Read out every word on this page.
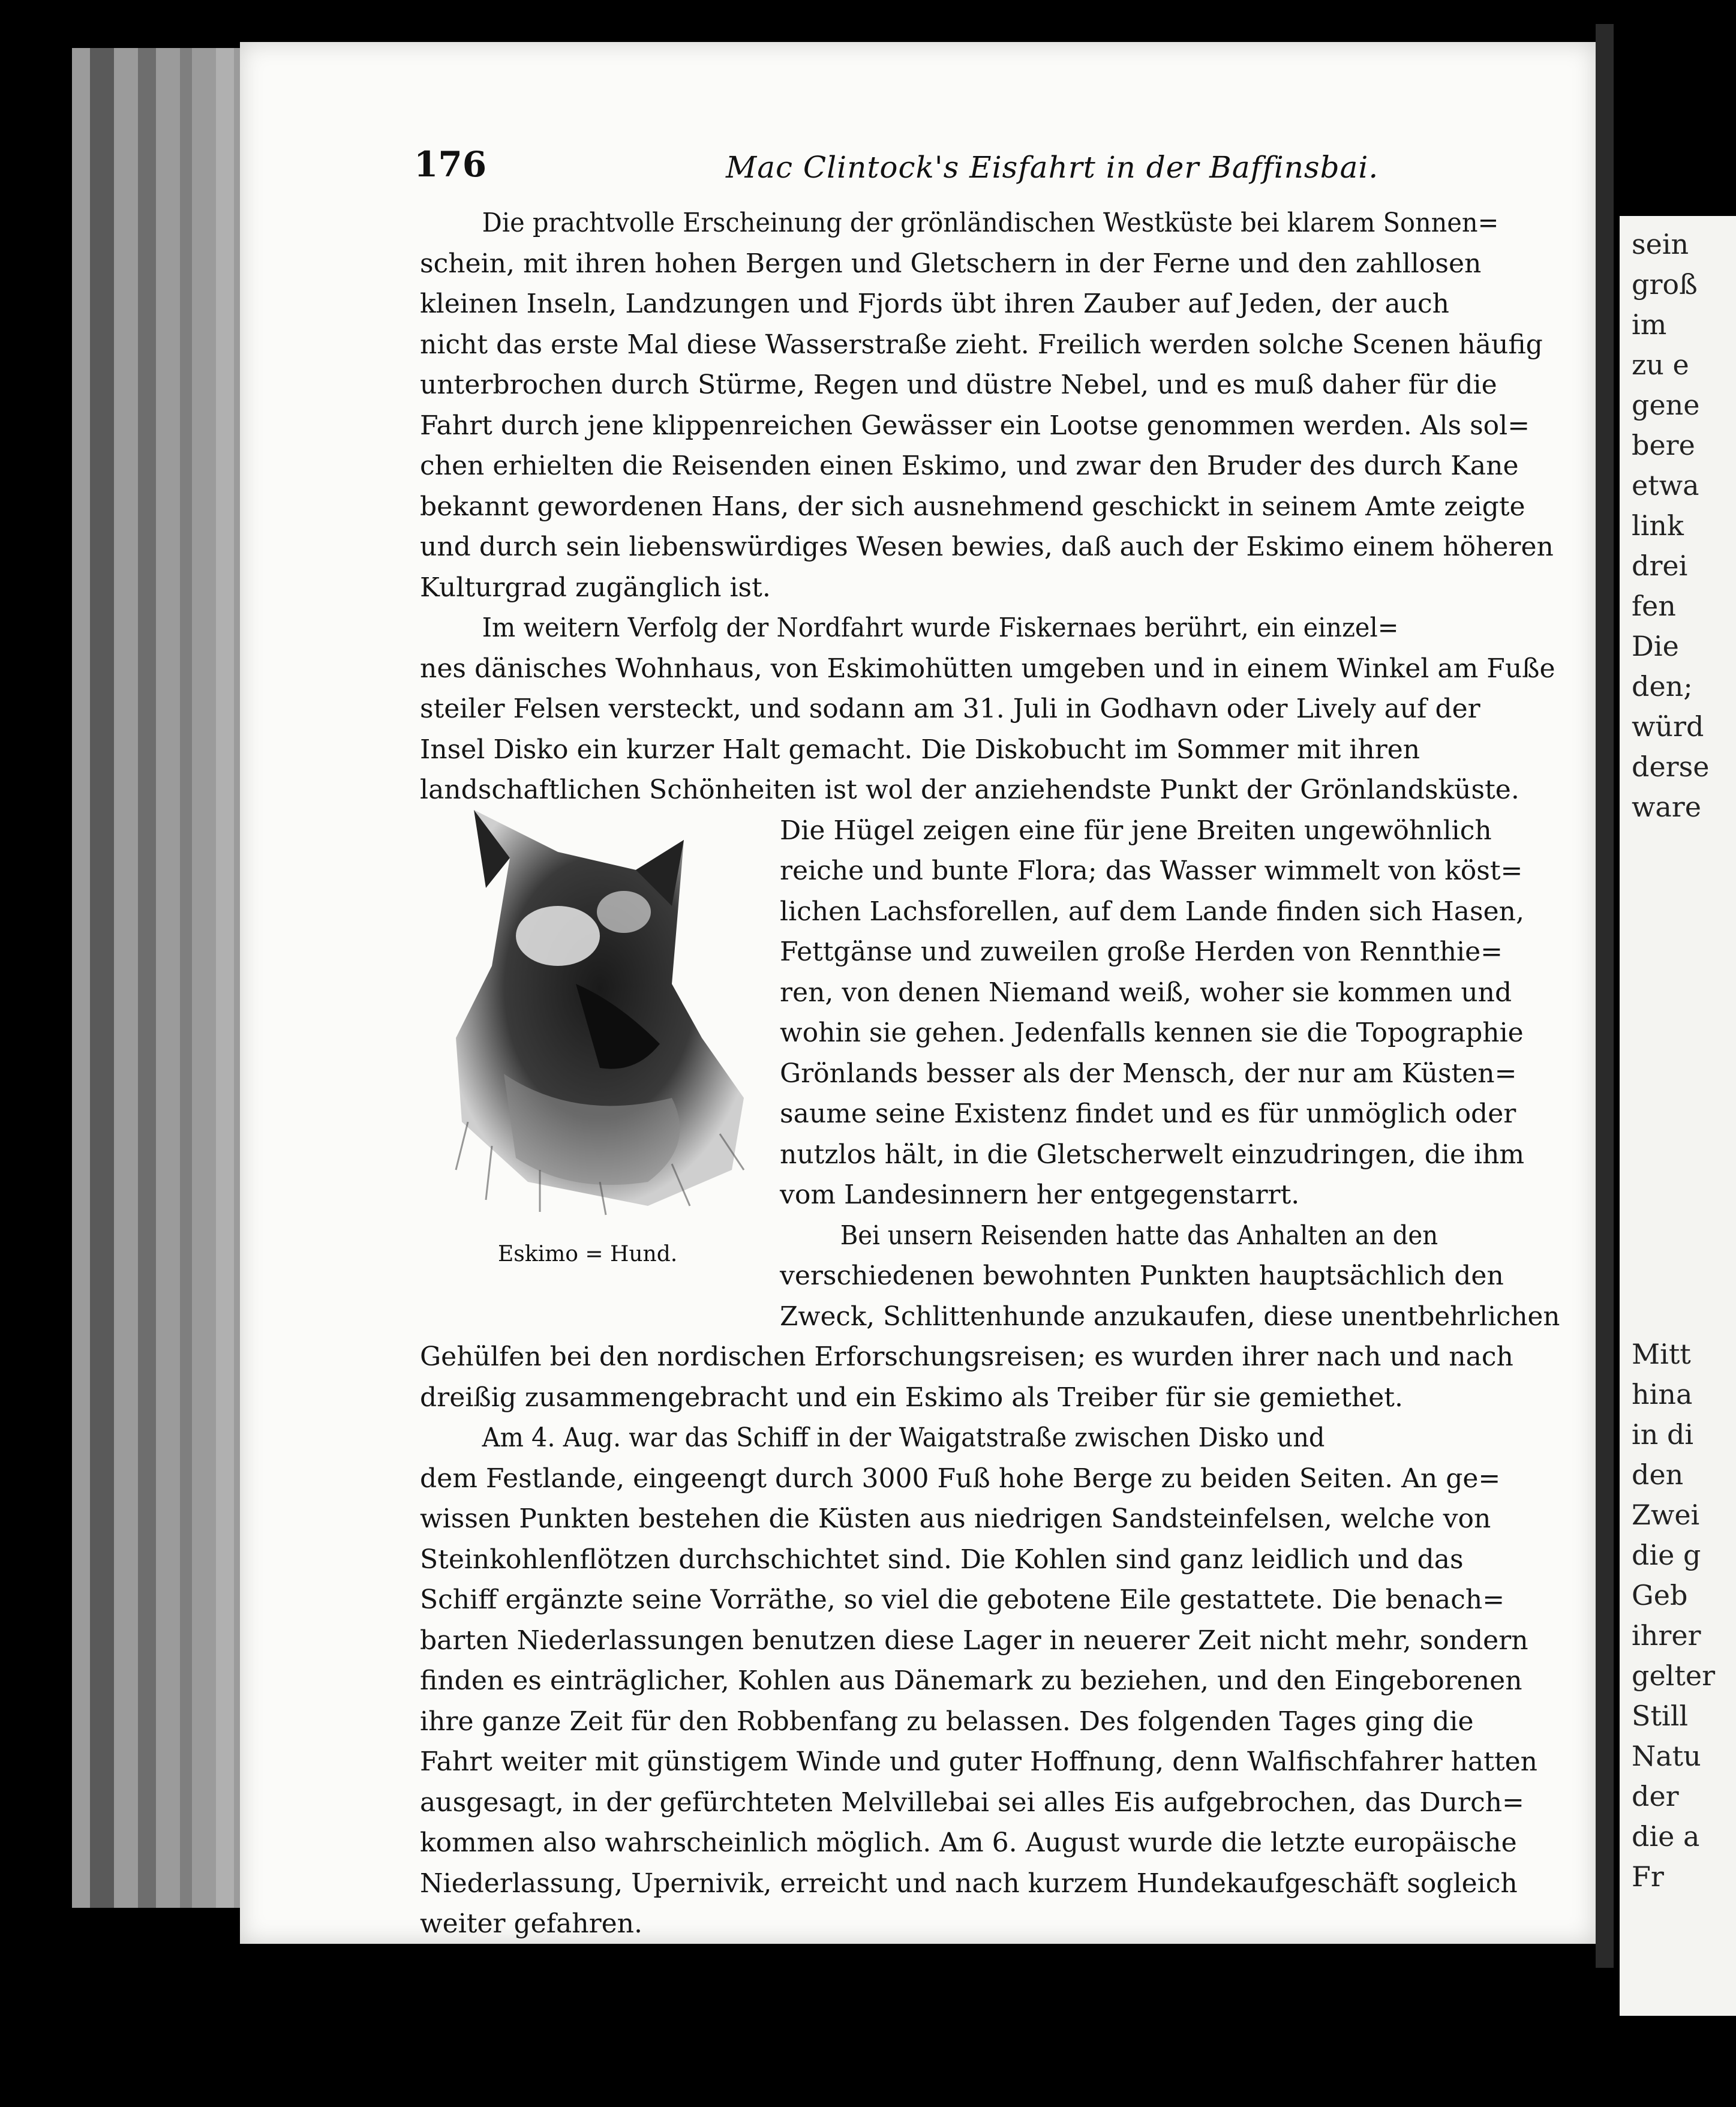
176	Mac Clintock's Eisfahrt in der Baffinsbai.
Die prachtvolle Erscheinung der grönländischen Westküste bei klarem Sonnen=
schein, mit ihren hohen Bergen und Gletschern in der Ferne und den zahllosen
kleinen Inseln, Landzungen und Fjords übt ihren Zauber auf Jeden, der auch
nicht das erste Mal diese Wasserstraße zieht. Freilich werden solche Scenen häufig
unterbrochen durch Stürme, Regen und düstre Nebel, und es muß daher für die
Fahrt durch jene klippenreichen Gewässer ein Lootse genommen werden. Als sol=
chen erhielten die Reisenden einen Eskimo, und zwar den Bruder des durch Kane
bekannt gewordenen Hans, der sich ausnehmend geschickt in seinem Amte zeigte
und durch sein liebenswürdiges Wesen bewies, daß auch der Eskimo einem höheren
Kulturgrad zugänglich ist.
Im weitern Verfolg der Nordfahrt wurde Fiskernaes berührt, ein einzel=
nes dänisches Wohnhaus, von Eskimohütten umgeben und in einem Winkel am Fuße
steiler Felsen versteckt, und sodann am 31. Juli in Godhavn oder Lively auf der
Insel Disko ein kurzer Halt gemacht. Die Diskobucht im Sommer mit ihren
landschaftlichen Schönheiten ist wol der anziehendste Punkt der Grönlandsküste.
Die Hügel zeigen eine für jene Breiten ungewöhnlich
reiche und bunte Flora; das Wasser wimmelt von köst=
lichen Lachsforellen, auf dem Lande finden sich Hasen,
Fettgänse und zuweilen große Herden von Rennthie=
ren, von denen Niemand weiß, woher sie kommen und
wohin sie gehen. Jedenfalls kennen sie die Topographie
Grönlands besser als der Mensch, der nur am Küsten=
saume seine Existenz findet und es für unmöglich oder
nutzlos hält, in die Gletscherwelt einzudringen, die ihm
vom Landesinnern her entgegenstarrt.
Bei unsern Reisenden hatte das Anhalten an den
verschiedenen bewohnten Punkten hauptsächlich den
Zweck, Schlittenhunde anzukaufen, diese unentbehrlichen
Gehülfen bei den nordischen Erforschungsreisen; es wurden ihrer nach und nach
dreißig zusammengebracht und ein Eskimo als Treiber für sie gemiethet.
Am 4. Aug. war das Schiff in der Waigatstraße zwischen Disko und
dem Festlande, eingeengt durch 3000 Fuß hohe Berge zu beiden Seiten. An ge=
wissen Punkten bestehen die Küsten aus niedrigen Sandsteinfelsen, welche von
Steinkohlenflötzen durchschichtet sind. Die Kohlen sind ganz leidlich und das
Schiff ergänzte seine Vorräthe, so viel die gebotene Eile gestattete. Die benach=
barten Niederlassungen benutzen diese Lager in neuerer Zeit nicht mehr, sondern
finden es einträglicher, Kohlen aus Dänemark zu beziehen, und den Eingeborenen
ihre ganze Zeit für den Robbenfang zu belassen. Des folgenden Tages ging die
Fahrt weiter mit günstigem Winde und guter Hoffnung, denn Walfischfahrer hatten
ausgesagt, in der gefürchteten Melvillebai sei alles Eis aufgebrochen, das Durch=
kommen also wahrscheinlich möglich. Am 6. August wurde die letzte europäische
Niederlassung, Upernivik, erreicht und nach kurzem Hundekaufgeschäft sogleich
weiter gefahren.
Eskimo = Hund.
sein
groß
im
zu e
gene
bere
etwa
link
drei
fen
Die
den;
würd
derse
ware
Mitt
hina
in di
den
Zwei
die g
Geb
ihrer
gelter
Still
Natu
der
die a
Fr
